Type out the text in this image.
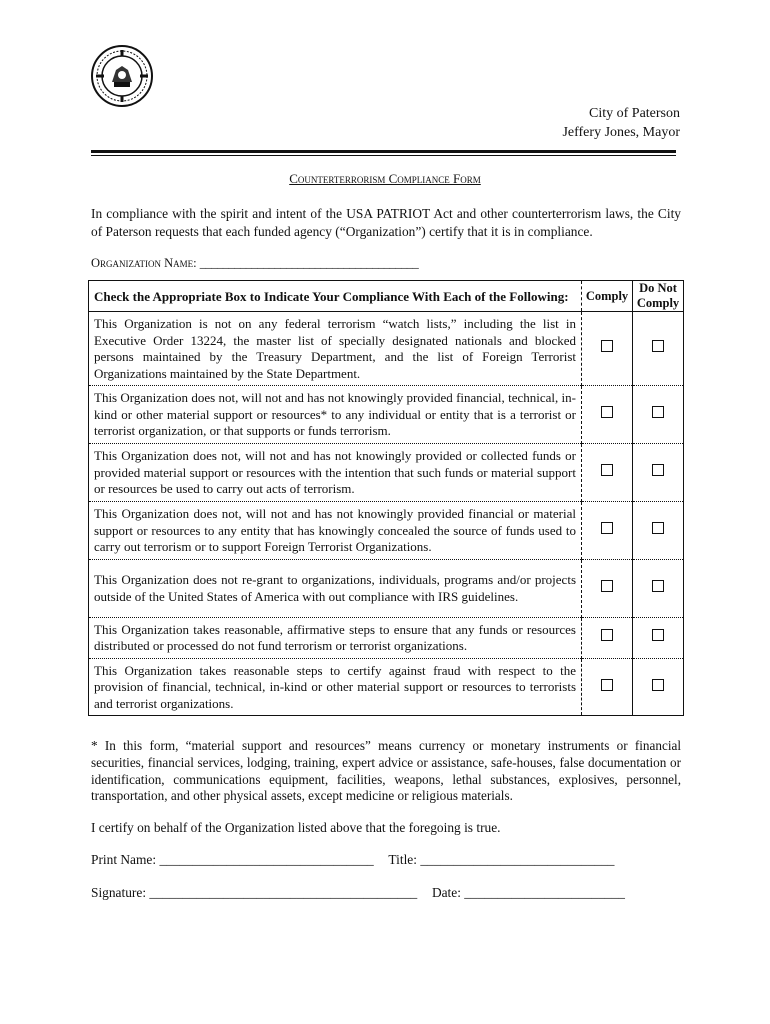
City of Paterson
Jeffery Jones, Mayor
Counterterrorism Compliance Form
In compliance with the spirit and intent of the USA PATRIOT Act and other counterterrorism laws, the City of Paterson requests that each funded agency (“Organization”) certify that it is in compliance.
Organization Name: ______________________________________
Check the Appropriate Box to Indicate Your Compliance With Each of the Following:	Comply	Do Not Comply
This Organization is not on any federal terrorism “watch lists,” including the list in Executive Order 13224, the master list of specially designated nationals and blocked persons maintained by the Treasury Department, and the list of Foreign Terrorist Organizations maintained by the State Department.		
This Organization does not, will not and has not knowingly provided financial, technical, in-kind or other material support or resources* to any individual or entity that is a terrorist or terrorist organization, or that supports or funds terrorism.		
This Organization does not, will not and has not knowingly provided or collected funds or provided material support or resources with the intention that such funds or material support or resources be used to carry out acts of terrorism.		
This Organization does not, will not and has not knowingly provided financial or material support or resources to any entity that has knowingly concealed the source of funds used to carry out terrorism or to support Foreign Terrorist Organizations.		
This Organization does not re-grant to organizations, individuals, programs and/or projects outside of the United States of America with out compliance with IRS guidelines.		
This Organization takes reasonable, affirmative steps to ensure that any funds or resources distributed or processed do not fund terrorism or terrorist organizations.		
This Organization takes reasonable steps to certify against fraud with respect to the provision of financial, technical, in-kind or other material support or resources to terrorists and terrorist organizations.		
* In this form, “material support and resources” means currency or monetary instruments or financial securities, financial services, lodging, training, expert advice or assistance, safe-houses, false documentation or identification, communications equipment, facilities, weapons, lethal substances, explosives, personnel, transportation, and other physical assets, except medicine or religious materials.
I certify on behalf of the Organization listed above that the foregoing is true.
Print Name: ________________________________ Title: _____________________________
Signature: ________________________________________ Date: ________________________
